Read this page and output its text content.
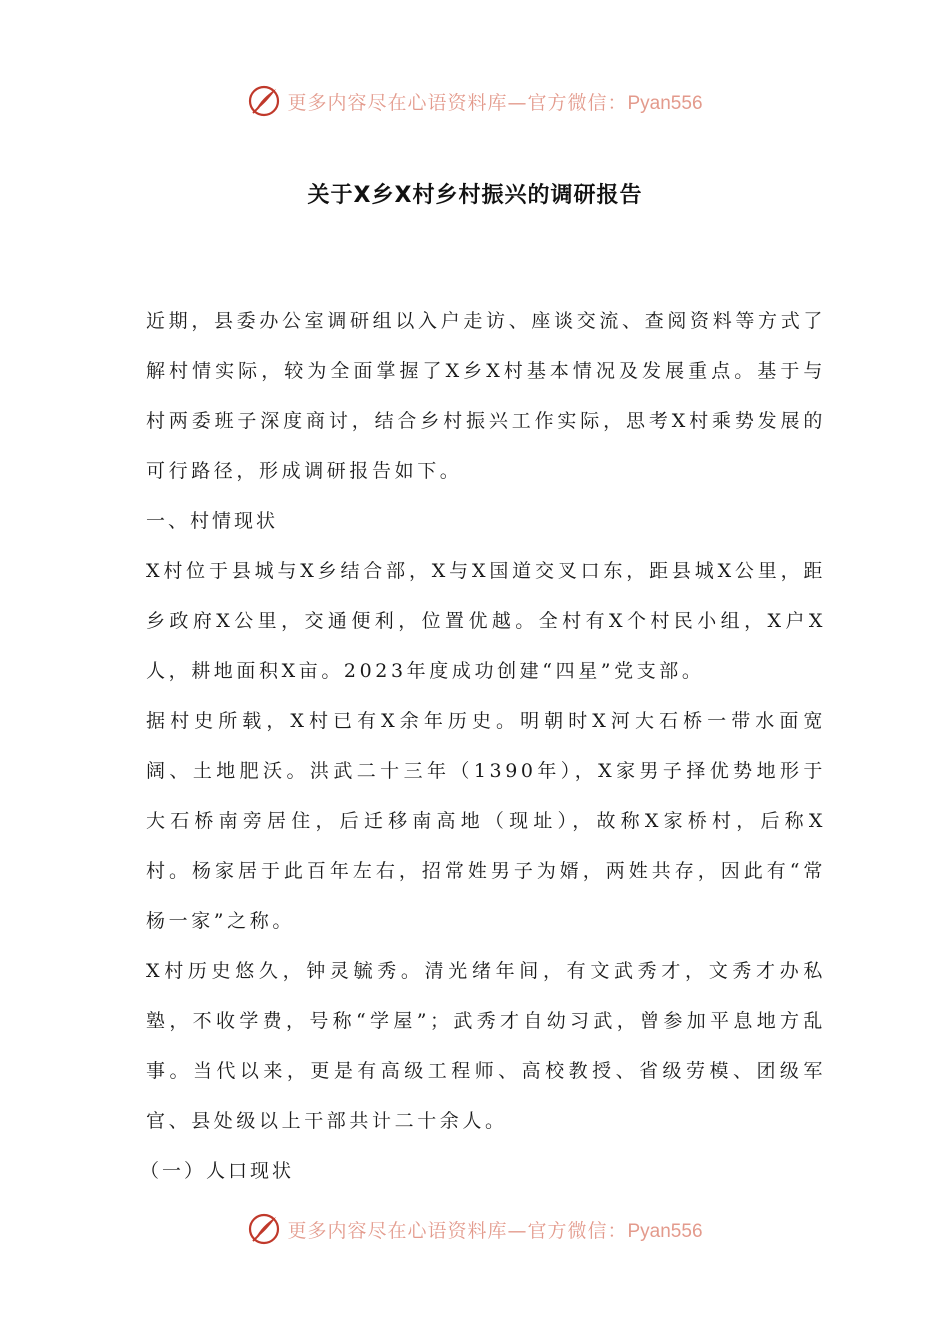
更多内容尽在心语资料库—官方微信：Pyan556
关于X乡X村乡村振兴的调研报告

近期，县委办公室调研组以入户走访、座谈交流、查阅资料等方式了解村情实际，较为全面掌握了X乡X村基本情况及发展重点。基于与村两委班子深度商讨，结合乡村振兴工作实际，思考X村乘势发展的可行路径，形成调研报告如下。

一、村情现状

X村位于县城与X乡结合部，X与X国道交叉口东，距县城X公里，距乡政府X公里，交通便利，位置优越。全村有X个村民小组，X户X人，耕地面积X亩。2023年度成功创建“四星”党支部。

据村史所载，X村已有X余年历史。明朝时X河大石桥一带水面宽阔、土地肥沃。洪武二十三年（1390年），X家男子择优势地形于大石桥南旁居住，后迁移南高地（现址），故称X家桥村，后称X村。杨家居于此百年左右，招常姓男子为婿，两姓共存，因此有“常杨一家”之称。

X村历史悠久，钟灵毓秀。清光绪年间，有文武秀才，文秀才办私塾，不收学费，号称“学屋”；武秀才自幼习武，曾参加平息地方乱事。当代以来，更是有高级工程师、高校教授、省级劳模、团级军官、县处级以上干部共计二十余人。

（一）人口现状

更多内容尽在心语资料库—官方微信：Pyan556
